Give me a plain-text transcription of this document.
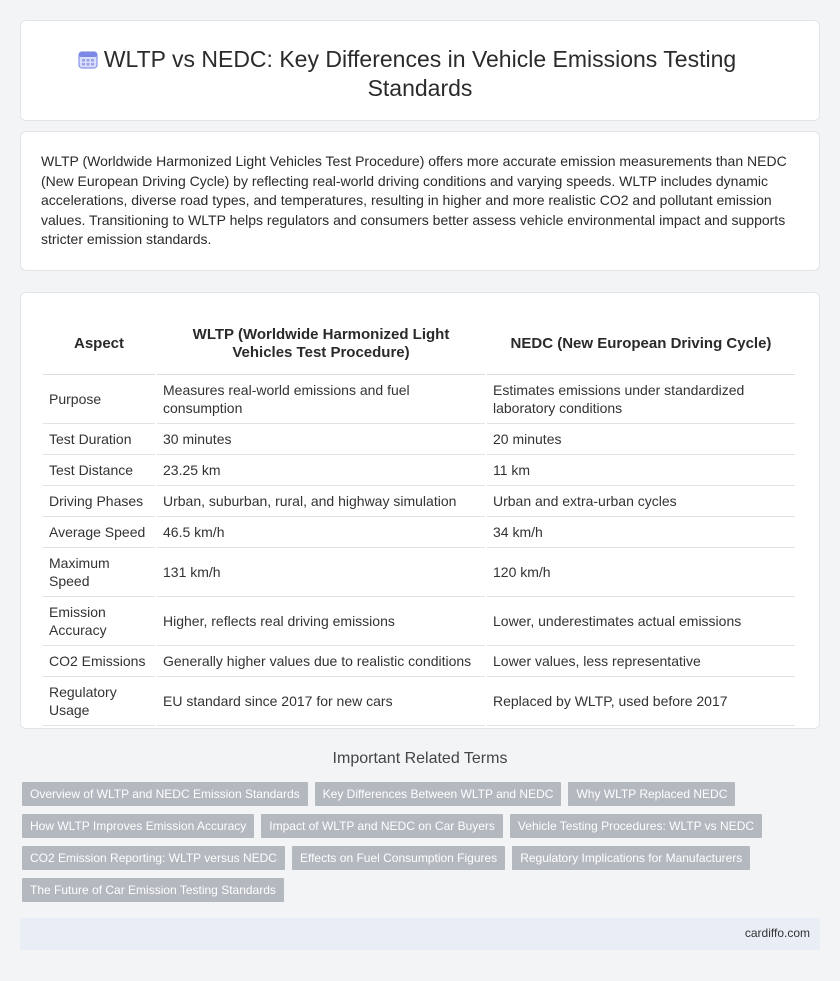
WLTP vs NEDC: Key Differences in Vehicle Emissions Testing Standards

WLTP (Worldwide Harmonized Light Vehicles Test Procedure) offers more accurate emission measurements than NEDC (New European Driving Cycle) by reflecting real-world driving conditions and varying speeds. WLTP includes dynamic accelerations, diverse road types, and temperatures, resulting in higher and more realistic CO2 and pollutant emission values. Transitioning to WLTP helps regulators and consumers better assess vehicle environmental impact and supports stricter emission standards.

Aspect	WLTP (Worldwide Harmonized Light Vehicles Test Procedure)	NEDC (New European Driving Cycle)
Purpose	Measures real-world emissions and fuel consumption	Estimates emissions under standardized laboratory conditions
Test Duration	30 minutes	20 minutes
Test Distance	23.25 km	11 km
Driving Phases	Urban, suburban, rural, and highway simulation	Urban and extra-urban cycles
Average Speed	46.5 km/h	34 km/h
Maximum Speed	131 km/h	120 km/h
Emission Accuracy	Higher, reflects real driving emissions	Lower, underestimates actual emissions
CO2 Emissions	Generally higher values due to realistic conditions	Lower values, less representative
Regulatory Usage	EU standard since 2017 for new cars	Replaced by WLTP, used before 2017
Important Related Terms
Overview of WLTP and NEDC Emission Standards	Key Differences Between WLTP and NEDC	Why WLTP Replaced NEDC
How WLTP Improves Emission Accuracy	Impact of WLTP and NEDC on Car Buyers	Vehicle Testing Procedures: WLTP vs NEDC
CO2 Emission Reporting: WLTP versus NEDC	Effects on Fuel Consumption Figures	Regulatory Implications for Manufacturers
The Future of Car Emission Testing Standards
cardiffo.com
